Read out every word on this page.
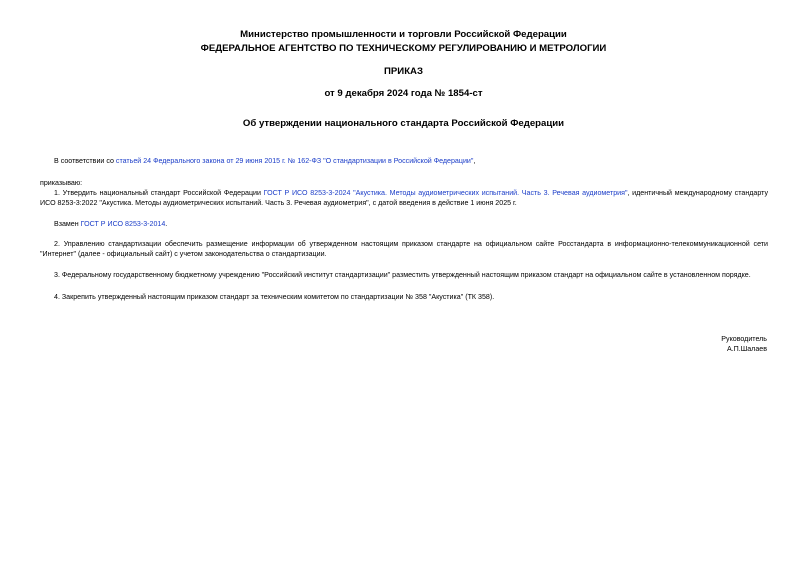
Министерство промышленности и торговли Российской Федерации
ФЕДЕРАЛЬНОЕ АГЕНТСТВО ПО ТЕХНИЧЕСКОМУ РЕГУЛИРОВАНИЮ И МЕТРОЛОГИИ
ПРИКАЗ
от 9 декабря 2024 года № 1854-ст
Об утверждении национального стандарта Российской Федерации
В соответствии со статьей 24 Федерального закона от 29 июня 2015 г. № 162-ФЗ "О стандартизации в Российской Федерации",
приказываю:
1. Утвердить национальный стандарт Российской Федерации ГОСТ Р ИСО 8253-3-2024 "Акустика. Методы аудиометрических испытаний. Часть 3. Речевая аудиометрия", идентичный международному стандарту ИСО 8253-3:2022 "Акустика. Методы аудиометрических испытаний. Часть 3. Речевая аудиометрия", с датой введения в действие 1 июня 2025 г.
Взамен ГОСТ Р ИСО 8253-3-2014.
2. Управлению стандартизации обеспечить размещение информации об утвержденном настоящим приказом стандарте на официальном сайте Росстандарта в информационно-телекоммуникационной сети "Интернет" (далее - официальный сайт) с учетом законодательства о стандартизации.
3. Федеральному государственному бюджетному учреждению "Российский институт стандартизации" разместить утвержденный настоящим приказом стандарт на официальном сайте в установленном порядке.
4. Закрепить утвержденный настоящим приказом стандарт за техническим комитетом по стандартизации № 358 "Акустика" (ТК 358).
Руководитель
А.П.Шалаев
